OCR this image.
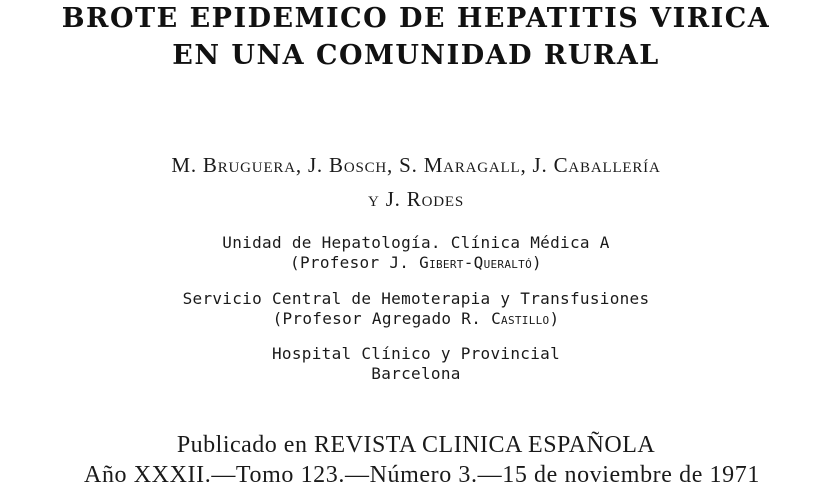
BROTE EPIDEMICO DE HEPATITIS VIRICA
EN UNA COMUNIDAD RURAL
M. Bruguera, J. Bosch, S. Maragall, J. Caballería
y J. Rodes
Unidad de Hepatología. Clínica Médica A
(Profesor J. Gibert-Queraltó)
Servicio Central de Hemoterapia y Transfusiones
(Profesor Agregado R. Castillo)
Hospital Clínico y Provincial
Barcelona
Publicado en REVISTA CLINICA ESPAÑOLA
Año XXXII.—Tomo 123.—Número 3.—15 de noviembre de 1971
